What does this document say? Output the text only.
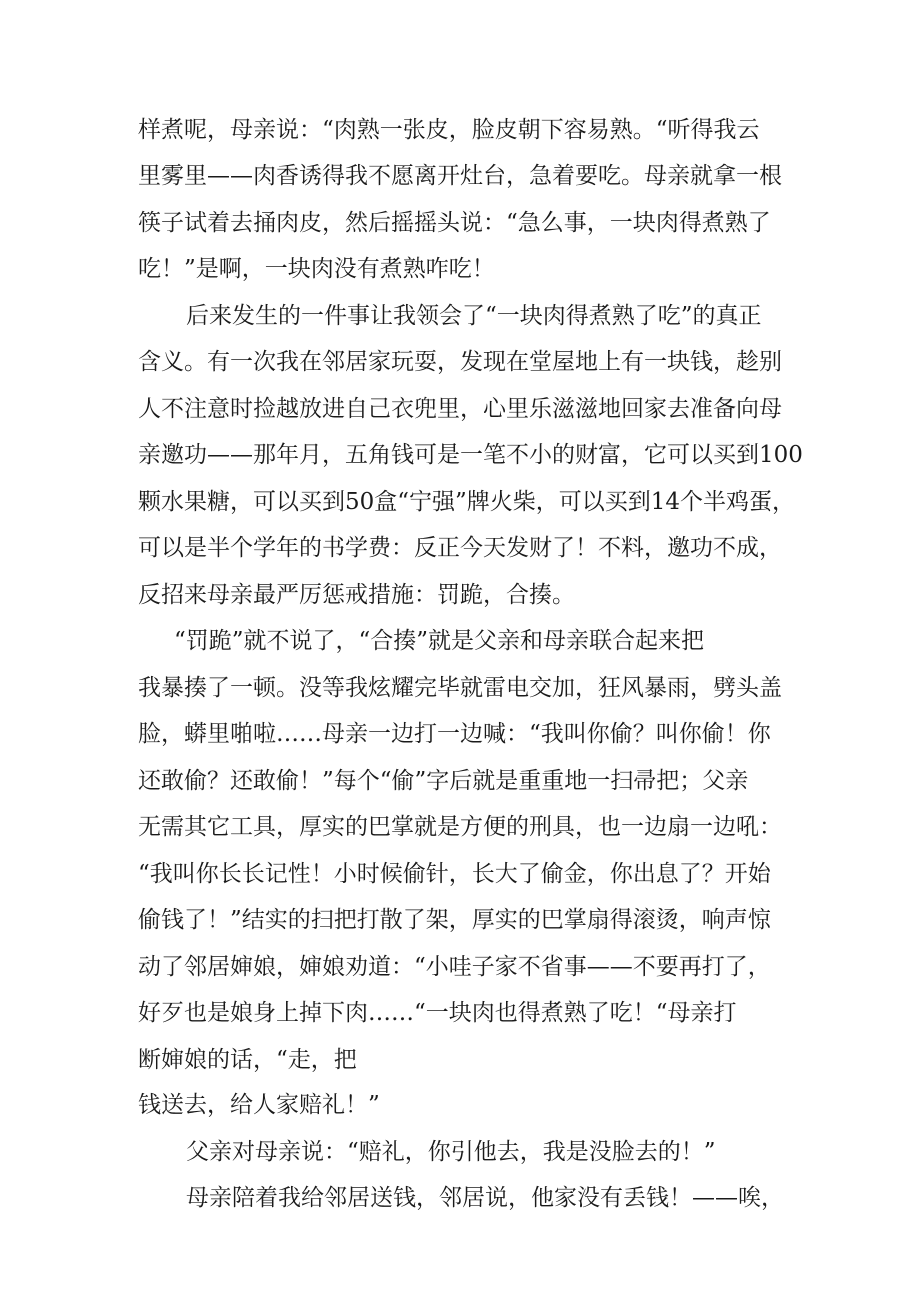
样煮呢，母亲说：“肉熟一张皮，脸皮朝下容易熟。“听得我云
里雾里——肉香诱得我不愿离开灶台，急着要吃。母亲就拿一根
筷子试着去捅肉皮，然后摇摇头说：“急么事，一块肉得煮熟了
吃！”是啊，一块肉没有煮熟咋吃！
后来发生的一件事让我领会了“一块肉得煮熟了吃”的真正
含义。有一次我在邻居家玩耍，发现在堂屋地上有一块钱，趁别
人不注意时捡越放进自己衣兜里，心里乐滋滋地回家去准备向母
亲邀功——那年月，五角钱可是一笔不小的财富，它可以买到100
颗水果糖，可以买到50盒“宁强”牌火柴，可以买到14个半鸡蛋，
可以是半个学年的书学费：反正今天发财了！不料，邀功不成，
反招来母亲最严厉惩戒措施：罚跪，合揍。
“罚跪”就不说了，“合揍”就是父亲和母亲联合起来把
我暴揍了一顿。没等我炫耀完毕就雷电交加，狂风暴雨，劈头盖
脸，蟒里啪啦……母亲一边打一边喊：“我叫你偷？叫你偷！你
还敢偷？还敢偷！”每个“偷”字后就是重重地一扫帚把；父亲
无需其它工具，厚实的巴掌就是方便的刑具，也一边扇一边吼：
“我叫你长长记性！小时候偷针，长大了偷金，你出息了？开始
偷钱了！”结实的扫把打散了架，厚实的巴掌扇得滚烫，响声惊
动了邻居婶娘，婶娘劝道：“小哇子家不省事——不要再打了，
好歹也是娘身上掉下肉……“一块肉也得煮熟了吃！“母亲打
断婶娘的话，“走，把
钱送去，给人家赔礼！”
父亲对母亲说：“赔礼，你引他去，我是没脸去的！”
母亲陪着我给邻居送钱，邻居说，他家没有丢钱！——唉，
